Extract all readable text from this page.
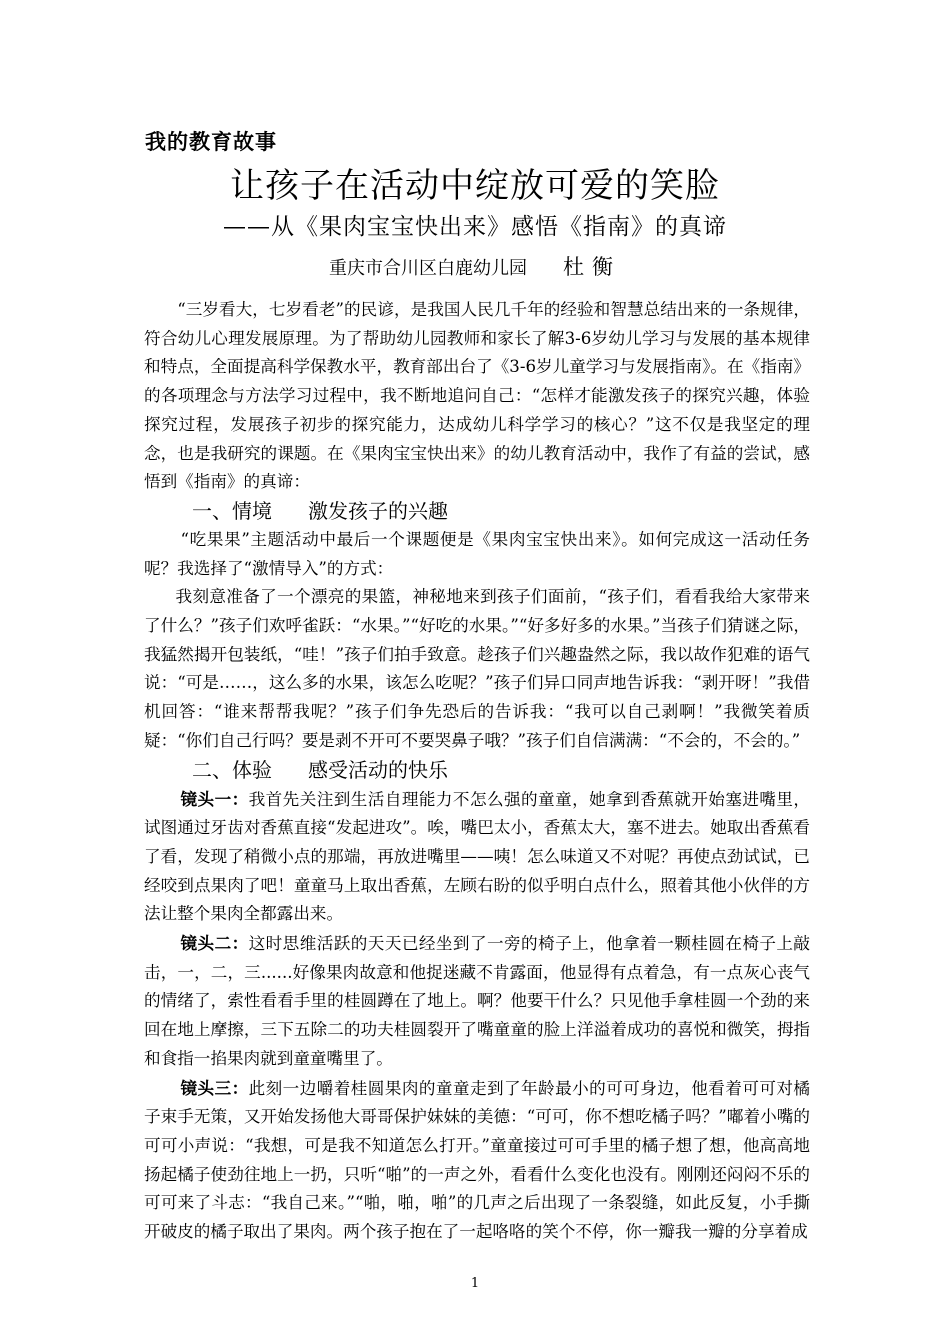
我的教育故事
让孩子在活动中绽放可爱的笑脸
——从《果肉宝宝快出来》感悟《指南》的真谛
重庆市合川区白鹿幼儿园 杜衡

“三岁看大，七岁看老”的民谚，是我国人民几千年的经验和智慧总结出来的一条规律，符合幼儿心理发展原理。为了帮助幼儿园教师和家长了解3-6岁幼儿学习与发展的基本规律和特点，全面提高科学保教水平，教育部出台了《3-6岁儿童学习与发展指南》。在《指南》的各项理念与方法学习过程中，我不断地追问自己：“怎样才能激发孩子的探究兴趣，体验探究过程，发展孩子初步的探究能力，达成幼儿科学学习的核心？”这不仅是我坚定的理念，也是我研究的课题。在《果肉宝宝快出来》的幼儿教育活动中，我作了有益的尝试，感悟到《指南》的真谛：

一、情境 激发孩子的兴趣

“吃果果”主题活动中最后一个课题便是《果肉宝宝快出来》。如何完成这一活动任务呢？我选择了“激情导入”的方式：

我刻意准备了一个漂亮的果篮，神秘地来到孩子们面前，“孩子们，看看我给大家带来了什么？”孩子们欢呼雀跃：“水果。”“好吃的水果。”“好多好多的水果。”当孩子们猜谜之际，我猛然揭开包装纸，“哇！”孩子们拍手致意。趁孩子们兴趣盎然之际，我以故作犯难的语气说：“可是……，这么多的水果，该怎么吃呢？”孩子们异口同声地告诉我：“剥开呀！”我借机回答：“谁来帮帮我呢？”孩子们争先恐后的告诉我：“我可以自己剥啊！”我微笑着质疑：“你们自己行吗？要是剥不开可不要哭鼻子哦？”孩子们自信满满：“不会的，不会的。”

二、体验 感受活动的快乐

镜头一：我首先关注到生活自理能力不怎么强的童童，她拿到香蕉就开始塞进嘴里，试图通过牙齿对香蕉直接“发起进攻”。唉，嘴巴太小，香蕉太大，塞不进去。她取出香蕉看了看，发现了稍微小点的那端，再放进嘴里——咦！怎么味道又不对呢？再使点劲试试，已经咬到点果肉了吧！童童马上取出香蕉，左顾右盼的似乎明白点什么，照着其他小伙伴的方法让整个果肉全都露出来。

镜头二：这时思维活跃的天天已经坐到了一旁的椅子上，他拿着一颗桂圆在椅子上敲击，一，二，三......好像果肉故意和他捉迷藏不肯露面，他显得有点着急，有一点灰心丧气的情绪了，索性看看手里的桂圆蹲在了地上。啊？他要干什么？只见他手拿桂圆一个劲的来回在地上摩擦，三下五除二的功夫桂圆裂开了嘴童童的脸上洋溢着成功的喜悦和微笑，拇指和食指一掐果肉就到童童嘴里了。

镜头三：此刻一边嚼着桂圆果肉的童童走到了年龄最小的可可身边，他看着可可对橘子束手无策，又开始发扬他大哥哥保护妹妹的美德：“可可，你不想吃橘子吗？”嘟着小嘴的可可小声说：“我想，可是我不知道怎么打开。”童童接过可可手里的橘子想了想，他高高地扬起橘子使劲往地上一扔，只听“啪”的一声之外，看看什么变化也没有。刚刚还闷闷不乐的可可来了斗志：“我自己来。”“啪，啪，啪”的几声之后出现了一条裂缝，如此反复，小手撕开破皮的橘子取出了果肉。两个孩子抱在了一起咯咯的笑个不停，你一瓣我一瓣的分享着成

1
